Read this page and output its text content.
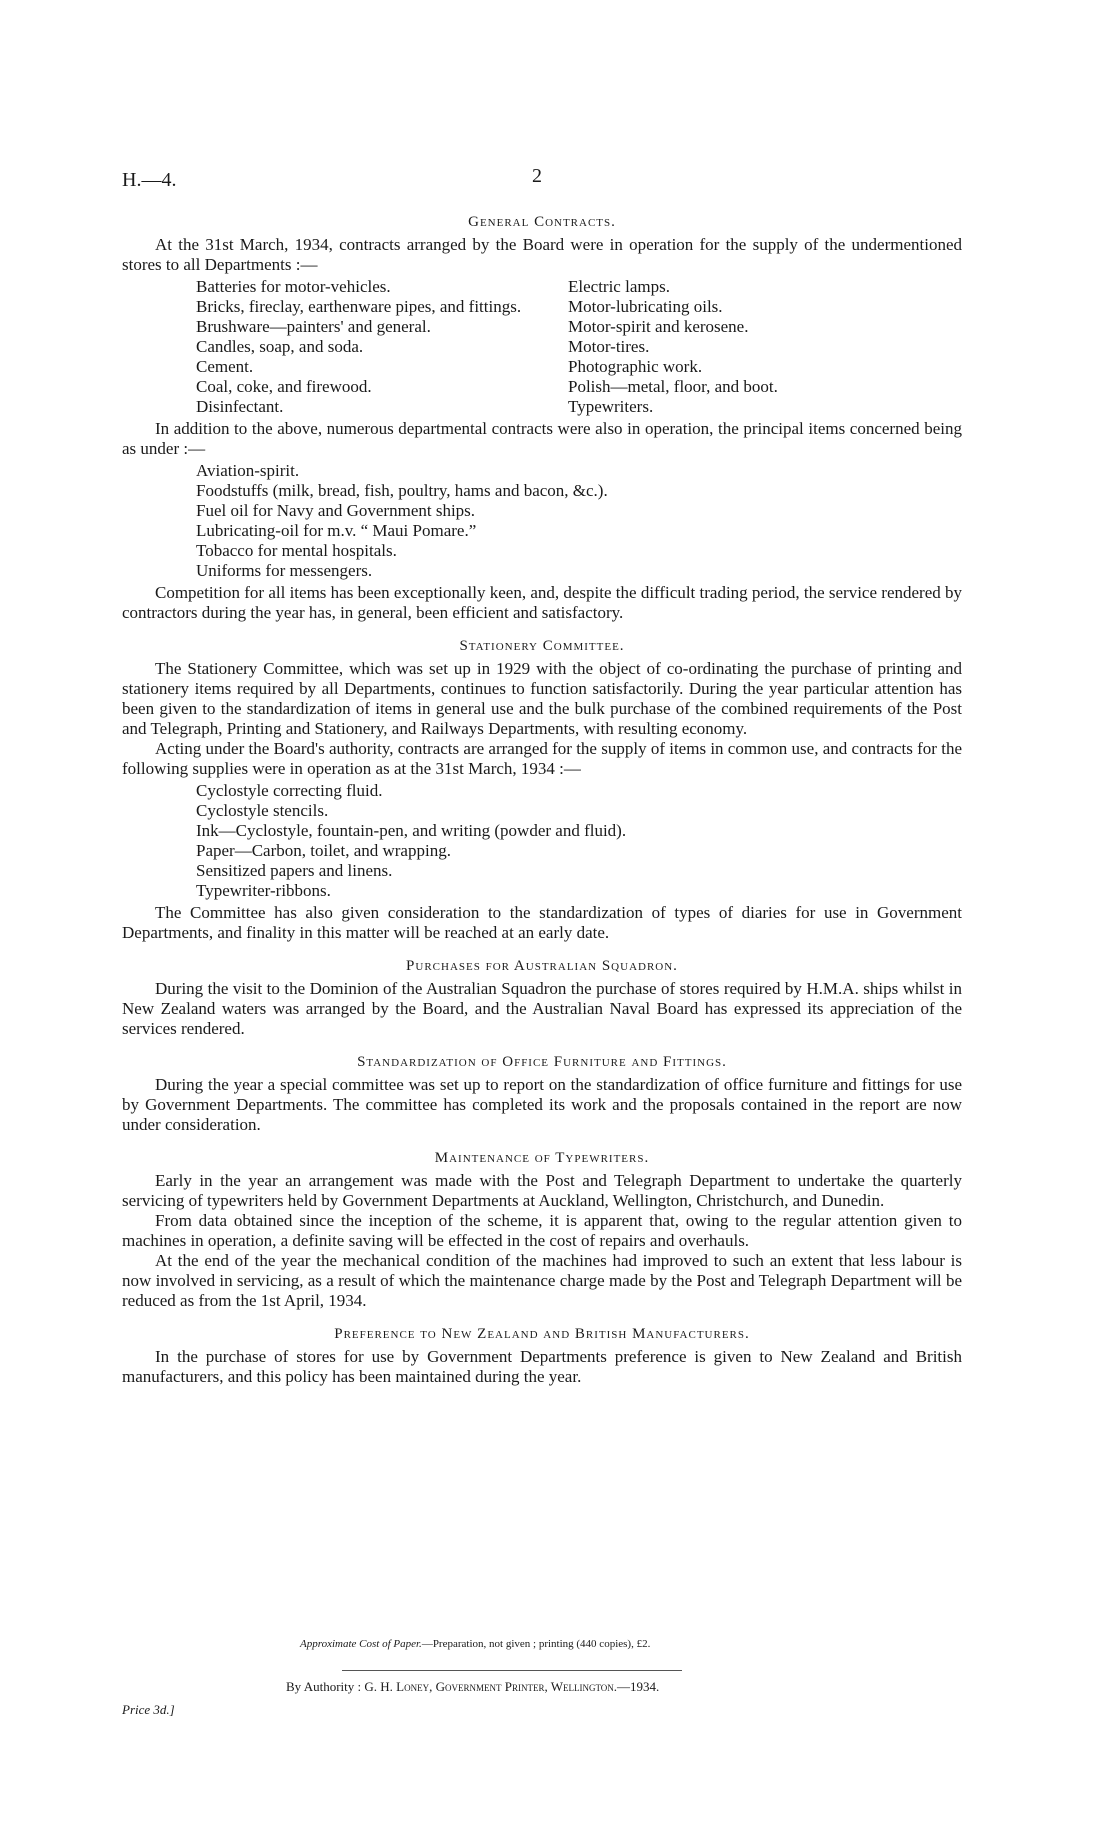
H.—4.	2
General Contracts.

At the 31st March, 1934, contracts arranged by the Board were in operation for the supply of the undermentioned stores to all Departments :—

Batteries for motor-vehicles.
Bricks, fireclay, earthenware pipes, and fittings.
Brushware—painters' and general.
Candles, soap, and soda.
Cement.
Coal, coke, and firewood.
Disinfectant.
Electric lamps.
Motor-lubricating oils.
Motor-spirit and kerosene.
Motor-tires.
Photographic work.
Polish—metal, floor, and boot.
Typewriters.

In addition to the above, numerous departmental contracts were also in operation, the principal items concerned being as under :—

Aviation-spirit.
Foodstuffs (milk, bread, fish, poultry, hams and bacon, &c.).
Fuel oil for Navy and Government ships.
Lubricating-oil for m.v. “ Maui Pomare.”
Tobacco for mental hospitals.
Uniforms for messengers.

Competition for all items has been exceptionally keen, and, despite the difficult trading period, the service rendered by contractors during the year has, in general, been efficient and satisfactory.

Stationery Committee.

The Stationery Committee, which was set up in 1929 with the object of co-ordinating the purchase of printing and stationery items required by all Departments, continues to function satisfactorily. During the year particular attention has been given to the standardization of items in general use and the bulk purchase of the combined requirements of the Post and Telegraph, Printing and Stationery, and Railways Departments, with resulting economy.

Acting under the Board's authority, contracts are arranged for the supply of items in common use, and contracts for the following supplies were in operation as at the 31st March, 1934 :—

Cyclostyle correcting fluid.
Cyclostyle stencils.
Ink—Cyclostyle, fountain-pen, and writing (powder and fluid).
Paper—Carbon, toilet, and wrapping.
Sensitized papers and linens.
Typewriter-ribbons.

The Committee has also given consideration to the standardization of types of diaries for use in Government Departments, and finality in this matter will be reached at an early date.

Purchases for Australian Squadron.

During the visit to the Dominion of the Australian Squadron the purchase of stores required by H.M.A. ships whilst in New Zealand waters was arranged by the Board, and the Australian Naval Board has expressed its appreciation of the services rendered.

Standardization of Office Furniture and Fittings.

During the year a special committee was set up to report on the standardization of office furniture and fittings for use by Government Departments. The committee has completed its work and the proposals contained in the report are now under consideration.

Maintenance of Typewriters.

Early in the year an arrangement was made with the Post and Telegraph Department to undertake the quarterly servicing of typewriters held by Government Departments at Auckland, Wellington, Christchurch, and Dunedin.

From data obtained since the inception of the scheme, it is apparent that, owing to the regular attention given to machines in operation, a definite saving will be effected in the cost of repairs and overhauls.

At the end of the year the mechanical condition of the machines had improved to such an extent that less labour is now involved in servicing, as a result of which the maintenance charge made by the Post and Telegraph Department will be reduced as from the 1st April, 1934.

Preference to New Zealand and British Manufacturers.

In the purchase of stores for use by Government Departments preference is given to New Zealand and British manufacturers, and this policy has been maintained during the year.

Approximate Cost of Paper.—Preparation, not given ; printing (440 copies), £2.
By Authority : G. H. Loney, Government Printer, Wellington.—1934.
Price 3d.]
